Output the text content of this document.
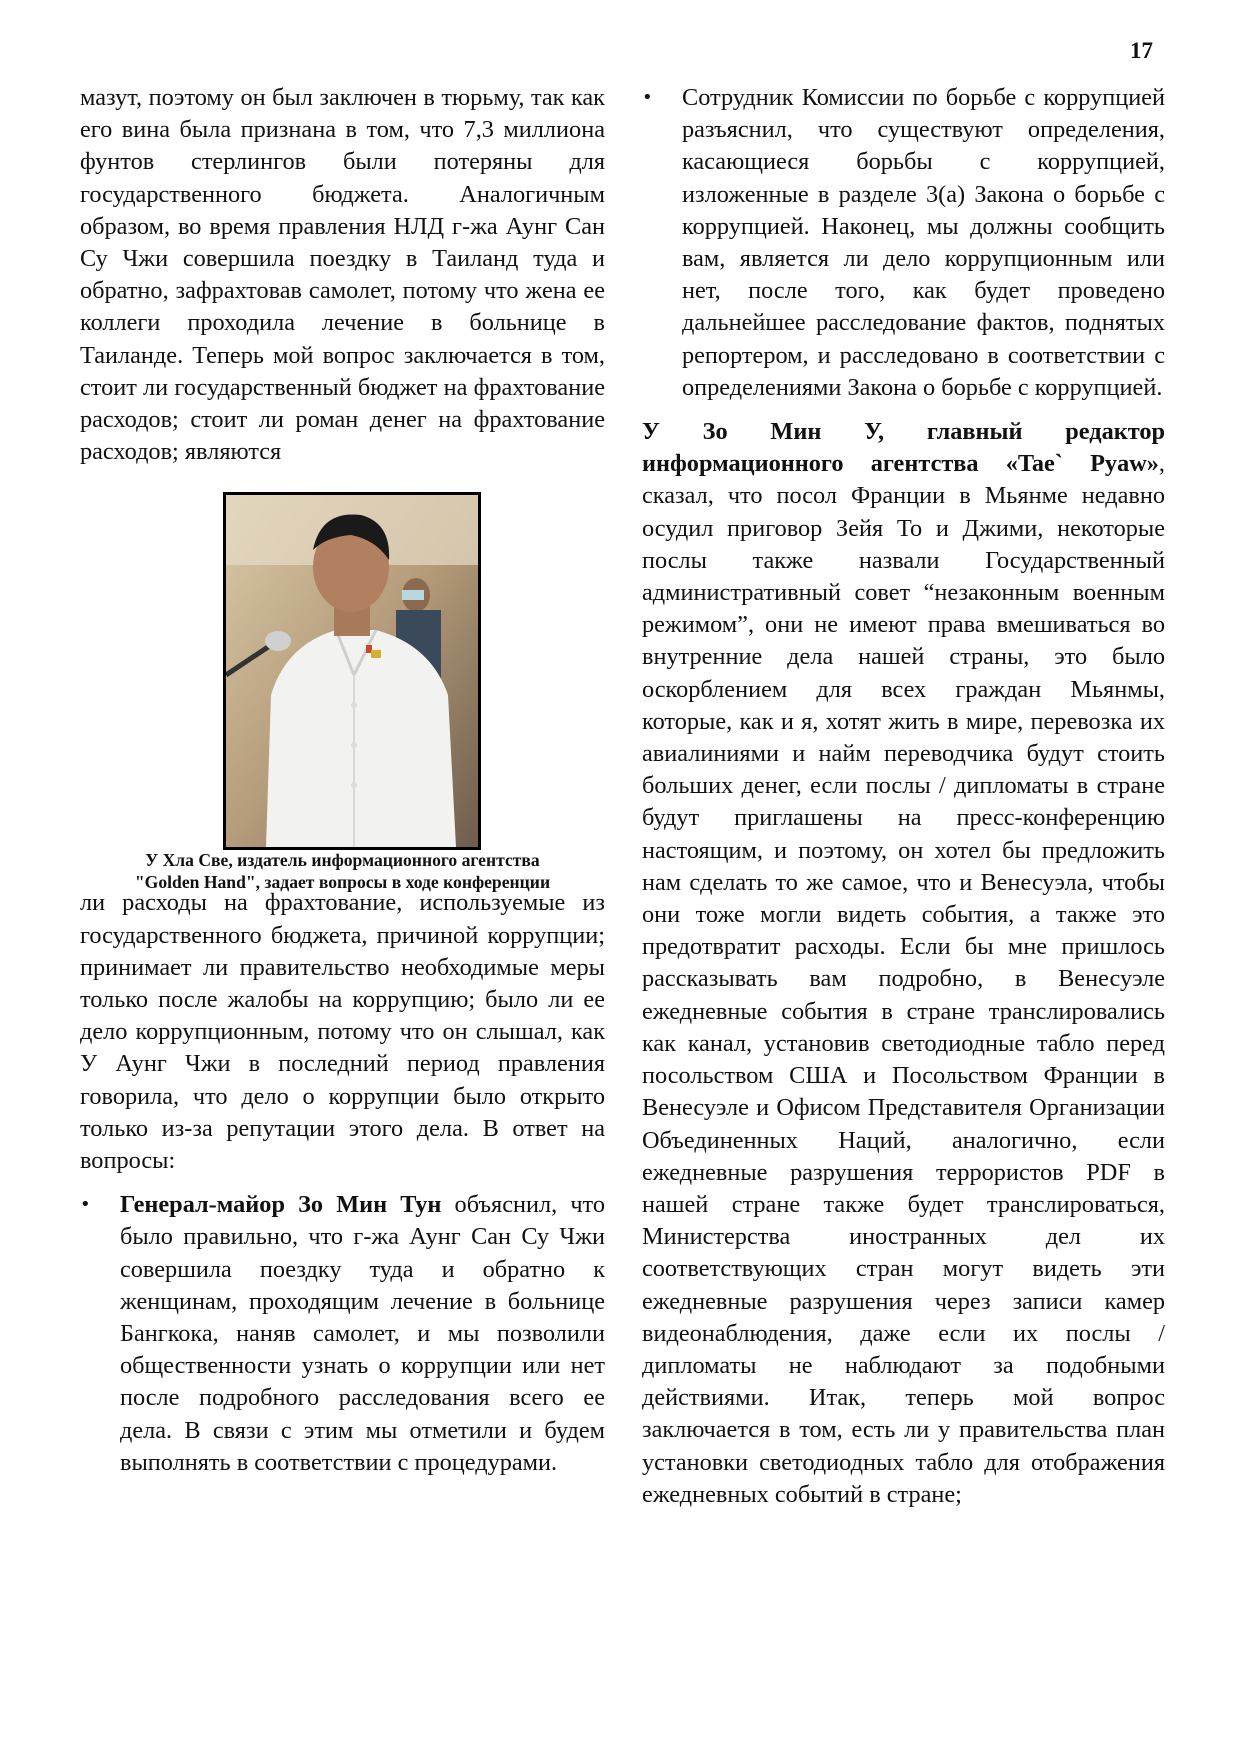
17

мазут, поэтому он был заключен в тюрьму, так как его вина была признана в том, что 7,3 миллиона фунтов стерлингов были потеряны для государственного бюджета. Аналогичным образом, во время правления НЛД г-жа Аунг Сан Су Чжи совершила поездку в Таиланд туда и обратно, зафрахтовав самолет, потому что жена ее коллеги проходила лечение в больнице в Таиланде. Теперь мой вопрос заключается в том, стоит ли государственный бюджет на фрахтование расходов; стоит ли роман денег на фрахтование расходов; являются

У Хла Све, издатель информационного агентства
"Golden Hand", задает вопросы в ходе конференции

ли расходы на фрахтование, используемые из государственного бюджета, причиной коррупции; принимает ли правительство необходимые меры только после жалобы на коррупцию; было ли ее дело коррупционным, потому что он слышал, как У Аунг Чжи в последний период правления говорила, что дело о коррупции было открыто только из-за репутации этого дела. В ответ на вопросы:

•	Генерал-майор Зо Мин Тун объяснил, что было правильно, что г-жа Аунг Сан Су Чжи совершила поездку туда и обратно к женщинам, проходящим лечение в больнице Бангкока, наняв самолет, и мы позволили общественности узнать о коррупции или нет после подробного расследования всего ее дела. В связи с этим мы отметили и будем выполнять в соответствии с процедурами.
•	Сотрудник Комиссии по борьбе с коррупцией разъяснил, что существуют определения, касающиеся борьбы с коррупцией, изложенные в разделе 3(а) Закона о борьбе с коррупцией. Наконец, мы должны сообщить вам, является ли дело коррупционным или нет, после того, как будет проведено дальнейшее расследование фактов, поднятых репортером, и расследовано в соответствии с определениями Закона о борьбе с коррупцией.

У Зо Мин У, главный редактор информационного агентства «Tae` Pyaw», сказал, что посол Франции в Мьянме недавно осудил приговор Зейя То и Джими, некоторые послы также назвали Государственный административный совет “незаконным военным режимом”, они не имеют права вмешиваться во внутренние дела нашей страны, это было оскорблением для всех граждан Мьянмы, которые, как и я, хотят жить в мире, перевозка их авиалиниями и найм переводчика будут стоить больших денег, если послы / дипломаты в стране будут приглашены на пресс-конференцию настоящим, и поэтому, он хотел бы предложить нам сделать то же самое, что и Венесуэла, чтобы они тоже могли видеть события, а также это предотвратит расходы. Если бы мне пришлось рассказывать вам подробно, в Венесуэле ежедневные события в стране транслировались как канал, установив светодиодные табло перед посольством США и Посольством Франции в Венесуэле и Офисом Представителя Организации Объединенных Наций, аналогично, если ежедневные разрушения террористов PDF в нашей стране также будет транслироваться, Министерства иностранных дел их соответствующих стран могут видеть эти ежедневные разрушения через записи камер видеонаблюдения, даже если их послы / дипломаты не наблюдают за подобными действиями. Итак, теперь мой вопрос заключается в том, есть ли у правительства план установки светодиодных табло для отображения ежедневных событий в стране;
